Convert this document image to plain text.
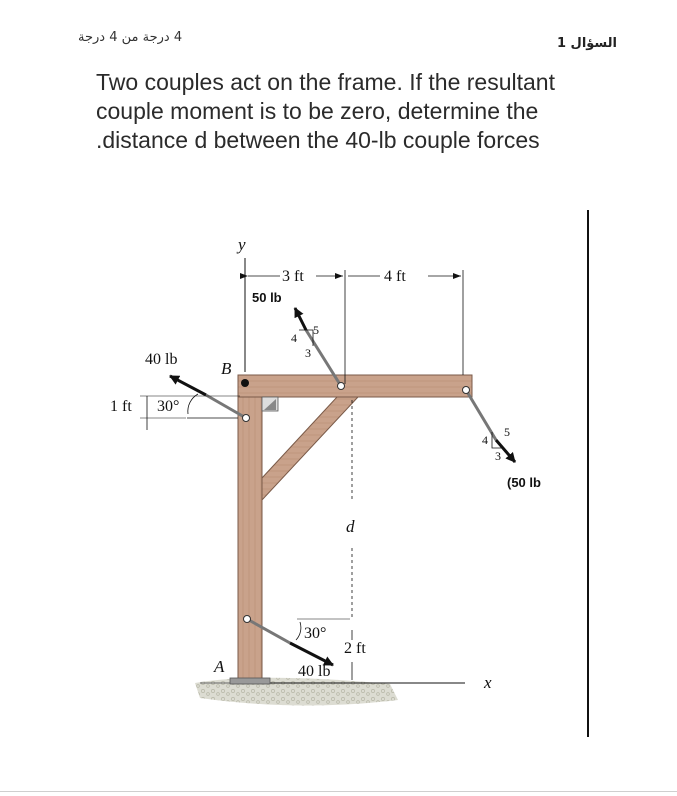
4 درجة من 4 درجة	السؤال 1
Two couples act on the frame. If the resultant
couple moment is to be zero, determine the
.distance d between the 40-lb couple forces
x
A
B
y
3 ft	4 ft
50 lb
4
5
3
(50 lb
4
5
3
40 lb
30°
1 ft
40 lb
30°
d
2 ft
